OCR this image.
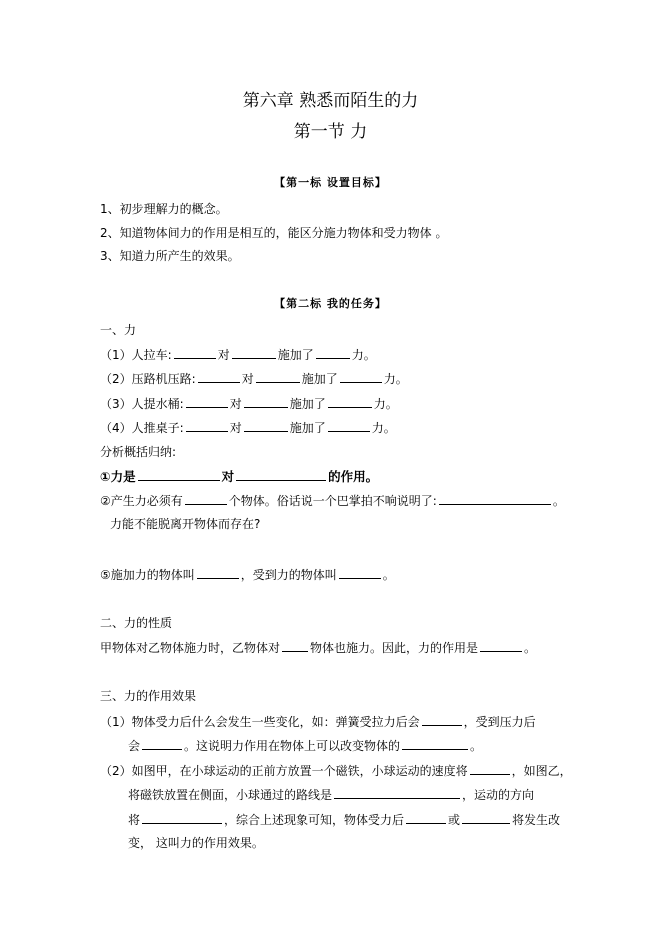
第六章 熟悉而陌生的力
第一节 力
【第一标 设置目标】
1、初步理解力的概念。
2、知道物体间力的作用是相互的，能区分施力物体和受力物体 。
3、知道力所产生的效果。
【第二标 我的任务】
一、力
（1）人拉车:	对	施加了	力。
（2）压路机压路:	对	施加了	力。
（3）人提水桶:	对	施加了	力。
（4）人推桌子:	对	施加了	力。
分析概括归纳:
①力是	对	的作用。
②产生力必须有	个物体。俗话说一个巴掌拍不响说明了:	。
力能不能脱离开物体而存在?
⑤施加力的物体叫	，受到力的物体叫	。
二、力的性质
甲物体对乙物体施力时，乙物体对	物体也施力。因此，力的作用是	。
三、力的作用效果
（1）物体受力后什么会发生一些变化，如：弹簧受拉力后会	，受到压力后
会	。这说明力作用在物体上可以改变物体的	。
（2）如图甲，在小球运动的正前方放置一个磁铁，小球运动的速度将	，如图乙，
将磁铁放置在侧面，小球通过的路线是	，运动的方向
将	，综合上述现象可知，物体受力后	或	将发生改
变， 这叫力的作用效果。
